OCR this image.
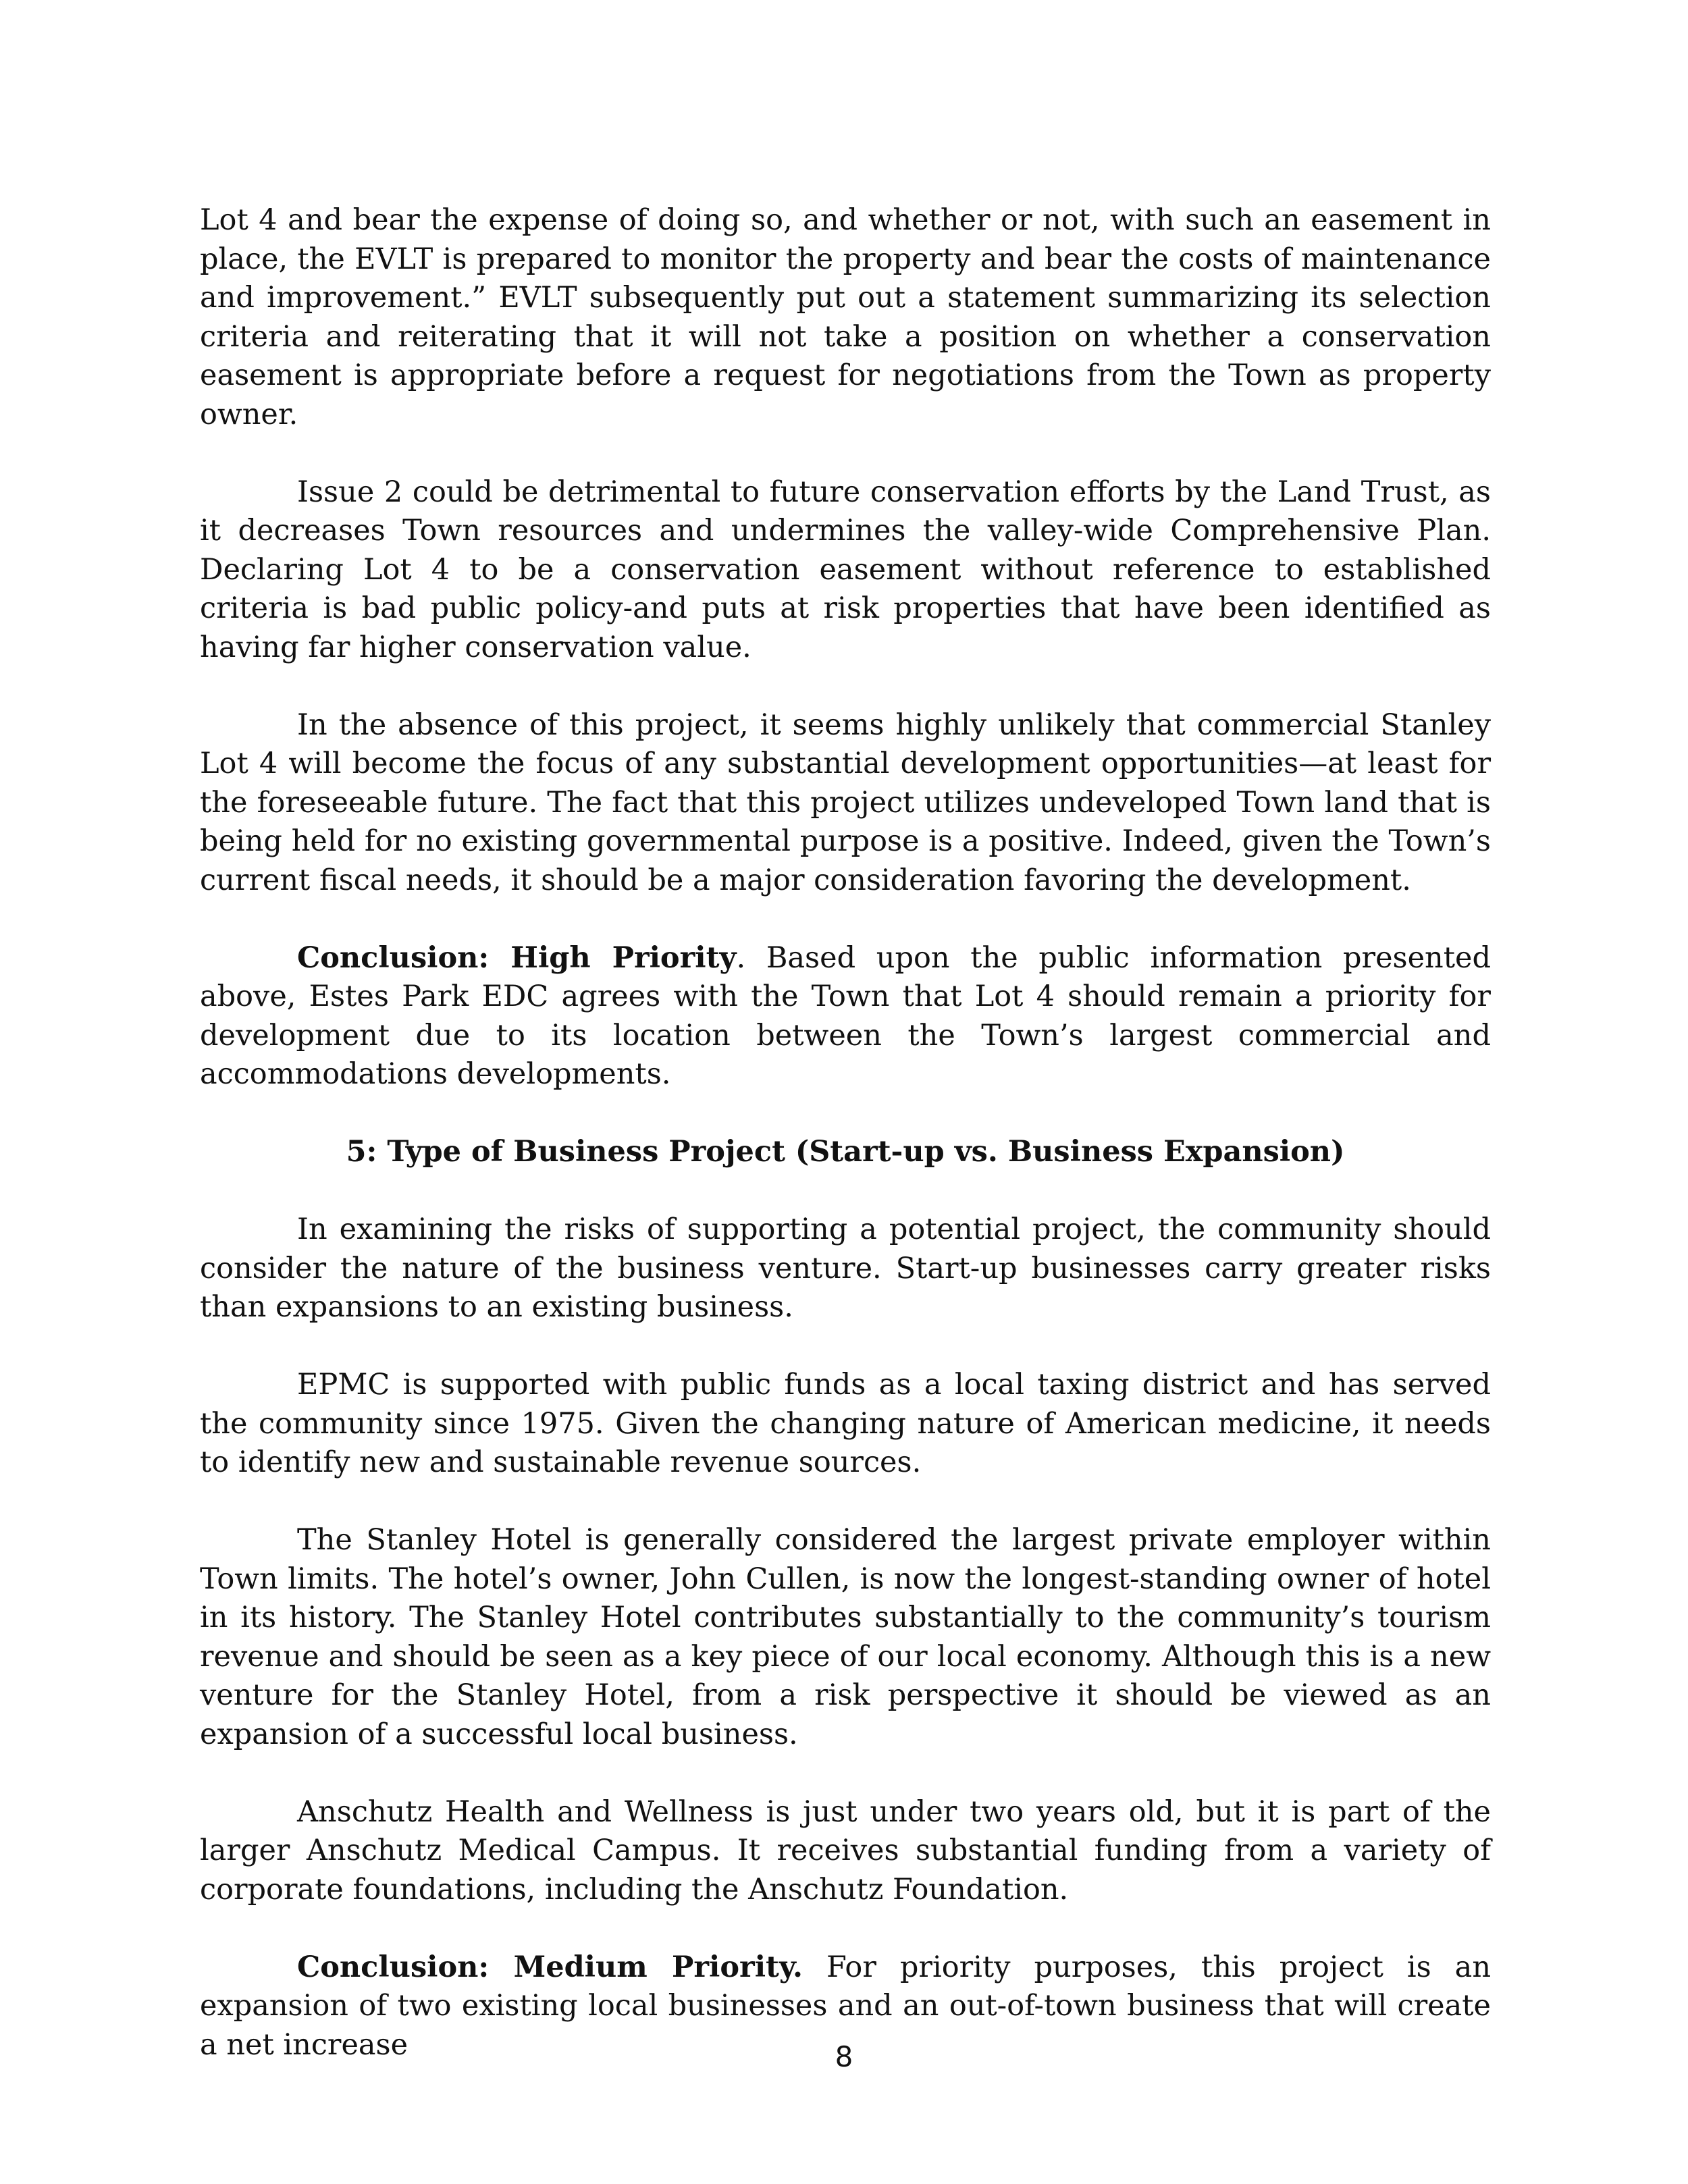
Lot 4 and bear the expense of doing so, and whether or not, with such an easement in place, the EVLT is prepared to monitor the property and bear the costs of maintenance and improvement.” EVLT subsequently put out a statement summarizing its selection criteria and reiterating that it will not take a position on whether a conservation easement is appropriate before a request for negotiations from the Town as property owner.

Issue 2 could be detrimental to future conservation efforts by the Land Trust, as it decreases Town resources and undermines the valley-wide Comprehensive Plan. Declaring Lot 4 to be a conservation easement without reference to established criteria is bad public policy-and puts at risk properties that have been identified as having far higher conservation value.

In the absence of this project, it seems highly unlikely that commercial Stanley Lot 4 will become the focus of any substantial development opportunities—at least for the foreseeable future. The fact that this project utilizes undeveloped Town land that is being held for no existing governmental purpose is a positive. Indeed, given the Town’s current fiscal needs, it should be a major consideration favoring the development.

Conclusion: High Priority. Based upon the public information presented above, Estes Park EDC agrees with the Town that Lot 4 should remain a priority for development due to its location between the Town’s largest commercial and accommodations developments.

5: Type of Business Project (Start-up vs. Business Expansion)

In examining the risks of supporting a potential project, the community should consider the nature of the business venture. Start-up businesses carry greater risks than expansions to an existing business.

EPMC is supported with public funds as a local taxing district and has served the community since 1975. Given the changing nature of American medicine, it needs to identify new and sustainable revenue sources.

The Stanley Hotel is generally considered the largest private employer within Town limits. The hotel’s owner, John Cullen, is now the longest-standing owner of hotel in its history. The Stanley Hotel contributes substantially to the community’s tourism revenue and should be seen as a key piece of our local economy. Although this is a new venture for the Stanley Hotel, from a risk perspective it should be viewed as an expansion of a successful local business.

Anschutz Health and Wellness is just under two years old, but it is part of the larger Anschutz Medical Campus. It receives substantial funding from a variety of corporate foundations, including the Anschutz Foundation.

Conclusion: Medium Priority. For priority purposes, this project is an expansion of two existing local businesses and an out-of-town business that will create a net increase	8
